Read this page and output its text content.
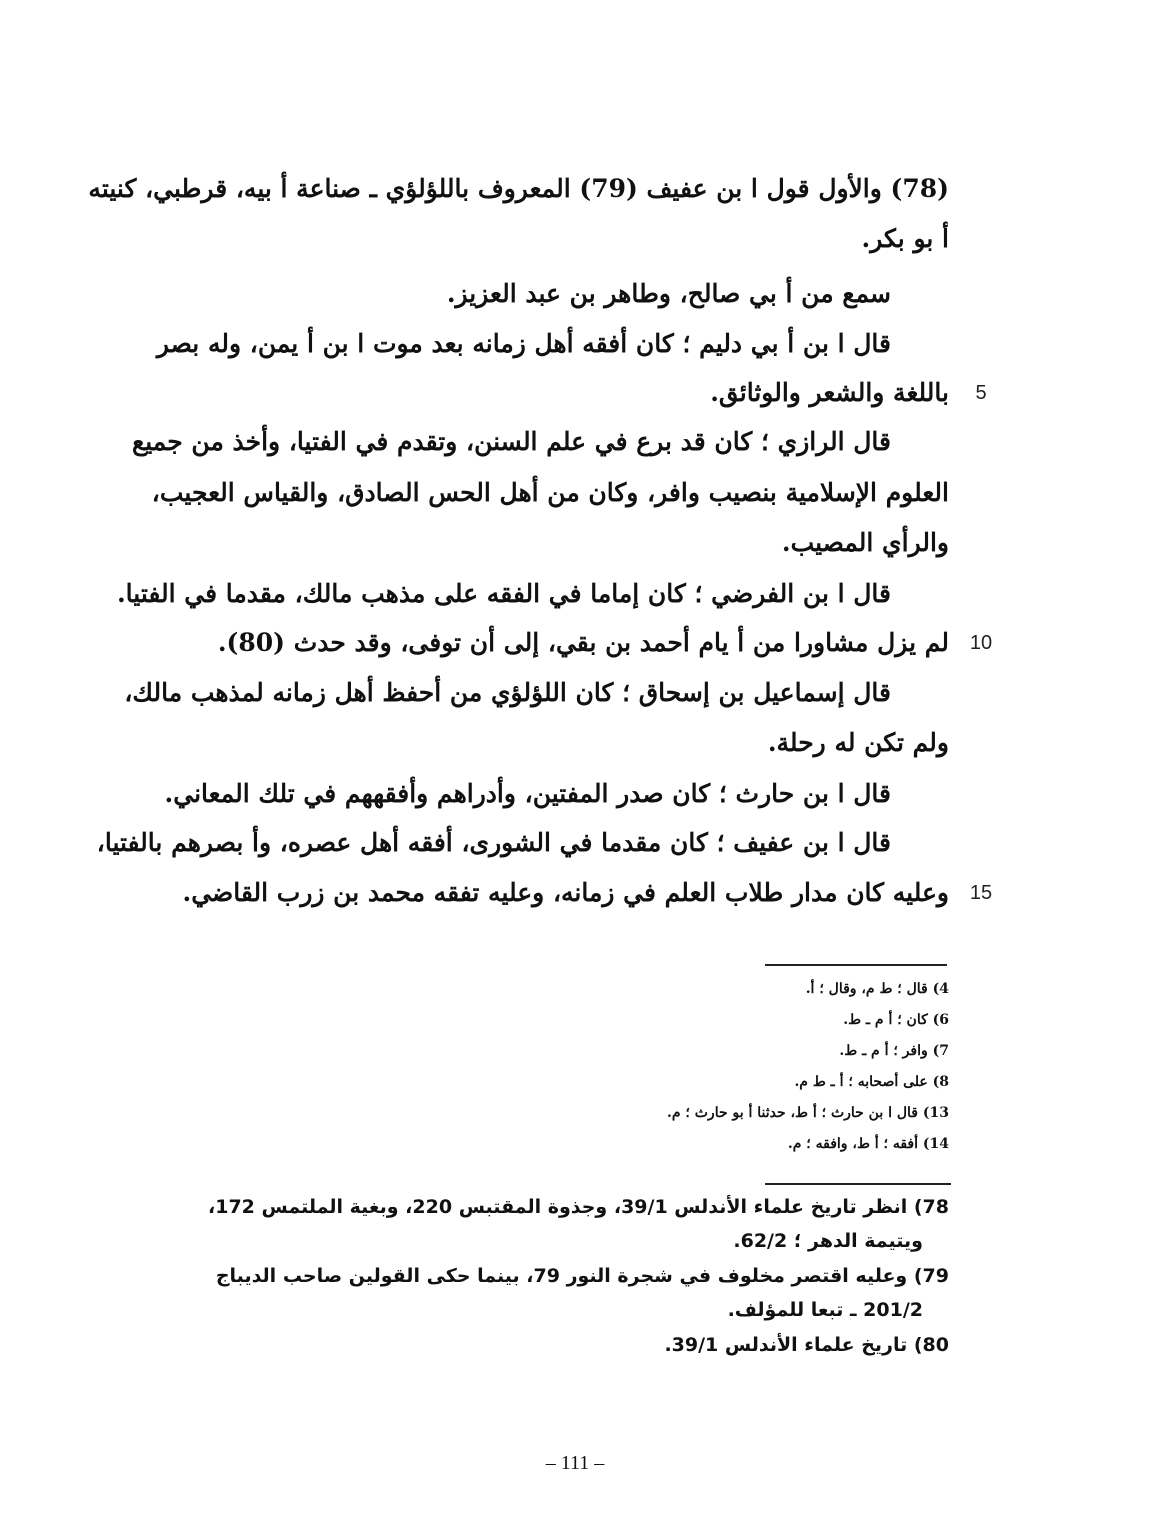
(78) والأول قول ا بن عفيف (79) المعروف باللؤلؤي ـ صناعة أ بيه، قرطبي، كنيته
أ بو بكر.
سمع من أ بي صالح، وطاهر بن عبد العزيز.
قال ا بن أ بي دليم ؛ كان أفقه أهل زمانه بعد موت ا بن أ يمن، وله بصر
باللغة والشعر والوثائق.	5
قال الرازي ؛ كان قد برع في علم السنن، وتقدم في الفتيا، وأخذ من جميع
العلوم الإسلامية بنصيب وافر، وكان من أهل الحس الصادق، والقياس العجيب،
والرأي المصيب.
قال ا بن الفرضي ؛ كان إماما في الفقه على مذهب مالك، مقدما في الفتيا.
لم يزل مشاورا من أ يام أحمد بن بقي، إلى أن توفى، وقد حدث (80). 10
قال إسماعيل بن إسحاق ؛ كان اللؤلؤي من أحفظ أهل زمانه لمذهب مالك،
ولم تكن له رحلة.
قال ا بن حارث ؛ كان صدر المفتين، وأدراهم وأفقههم في تلك المعاني.
قال ا بن عفيف ؛ كان مقدما في الشورى، أفقه أهل عصره، وأ بصرهم بالفتيا،
وعليه كان مدار طلاب العلم في زمانه، وعليه تفقه محمد بن زرب القاضي. 15
4) قال ؛ ط م، وقال ؛ أ.
6) كان ؛ أ م ـ ط.
7) وافر ؛ أ م ـ ط.
8) على أصحابه ؛ أ ـ ط م.
13) قال ا بن حارث ؛ أ ط، حدثنا أ بو حارث ؛ م.
14) أفقه ؛ أ ط، وافقه ؛ م.
78) انظر تاريخ علماء الأندلس 39/1، وجذوة المقتبس 220، وبغية الملتمس 172،
ويتيمة الدهر ؛ 62/2.
79) وعليه اقتصر مخلوف في شجرة النور 79، بينما حكى القولين صاحب الديباج
201/2 ـ تبعا للمؤلف.
80) تاريخ علماء الأندلس 39/1.
– 111 –
